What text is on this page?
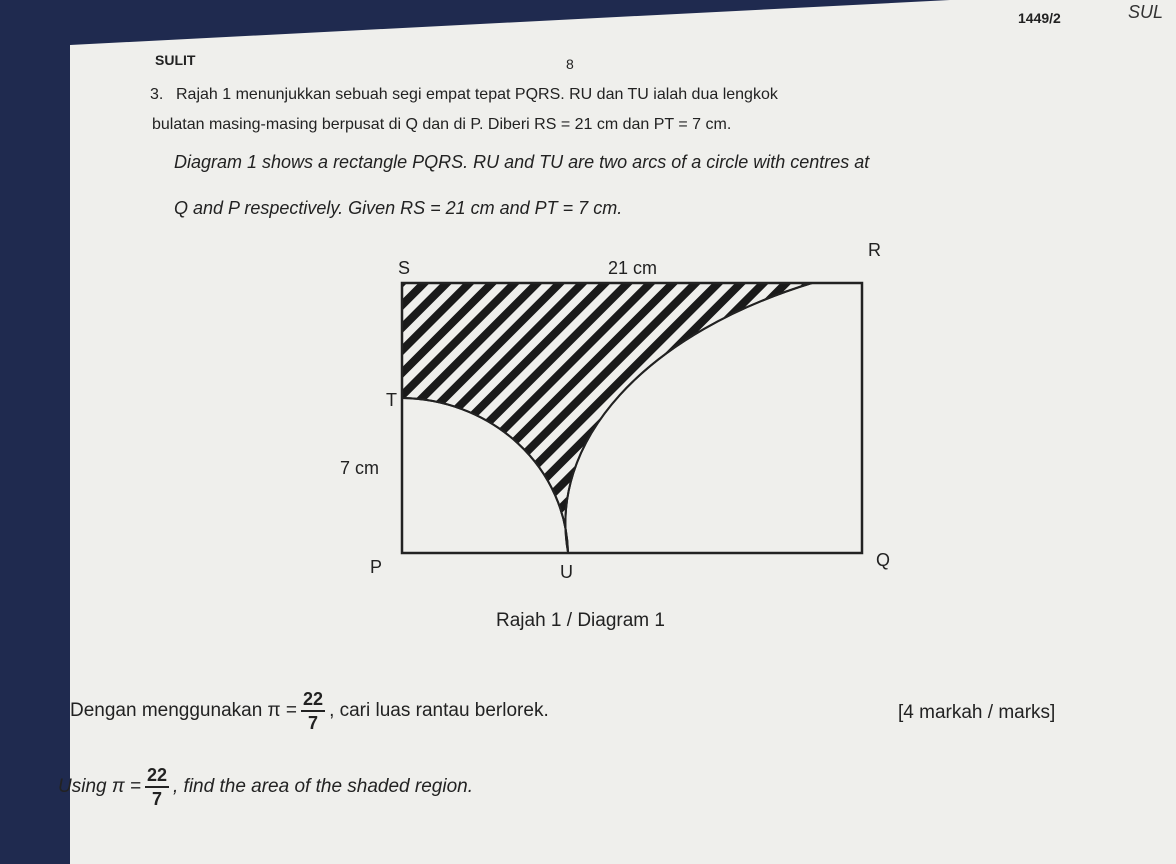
1449/2	SUL
SULIT	8
3. Rajah 1 menunjukkan sebuah segi empat tepat PQRS. RU dan TU ialah dua lengkok
bulatan masing-masing berpusat di Q dan di P. Diberi RS = 21 cm dan PT = 7 cm.
Diagram 1 shows a rectangle PQRS. RU and TU are two arcs of a circle with centres at
Q and P respectively. Given RS = 21 cm and PT = 7 cm.
S
R
21 cm
T
7 cm
P	U
Q
Rajah 1 / Diagram 1
Dengan menggunakan $\pi = \frac{22}{7}$ , cari luas rantau berlorek.	[4 markah / marks]
Using $\pi = \frac{22}{7}$ , find the area of the shaded region.
